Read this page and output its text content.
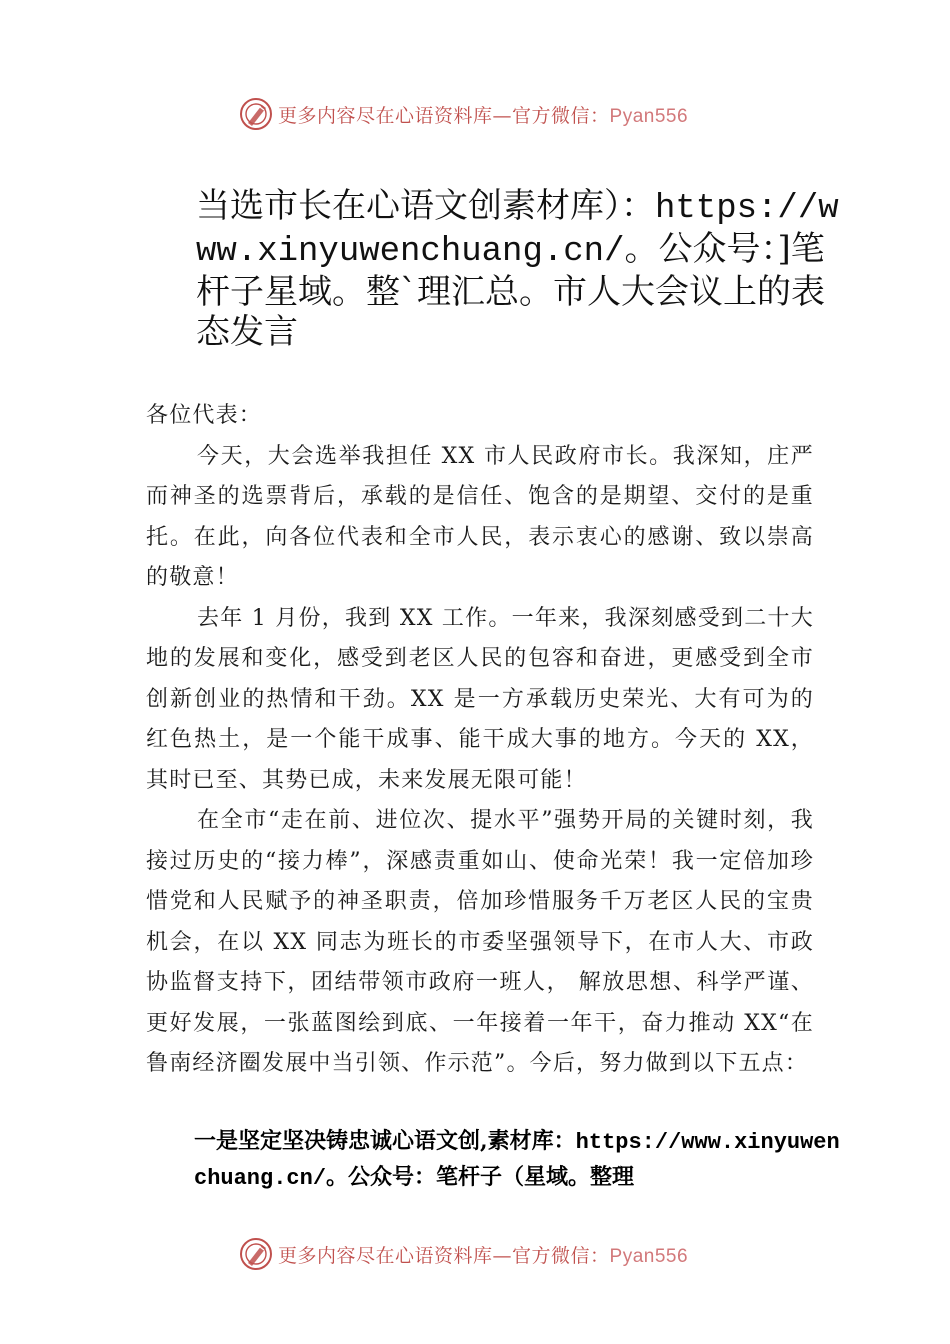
更多内容尽在心语资料库—官方微信：Pyan556
当选市长在心语文创素材库）：https://www.xinyuwenchuang.cn/。公众号：]笔杆子星域。整`理汇总。市人大会议上的表态发言

各位代表：

今天，大会选举我担任 XX 市人民政府市长。我深知，庄严而神圣的选票背后，承载的是信任、饱含的是期望、交付的是重托。在此，向各位代表和全市人民，表示衷心的感谢、致以崇高的敬意！

去年 1 月份，我到 XX 工作。一年来，我深刻感受到二十大地的发展和变化，感受到老区人民的包容和奋进，更感受到全市创新创业的热情和干劲。XX 是一方承载历史荣光、大有可为的红色热土，是一个能干成事、能干成大事的地方。今天的 XX，其时已至、其势已成，未来发展无限可能！

在全市“走在前、进位次、提水平”强势开局的关键时刻，我接过历史的“接力棒”，深感责重如山、使命光荣！我一定倍加珍惜党和人民赋予的神圣职责，倍加珍惜服务千万老区人民的宝贵机会，在以 XX 同志为班长的市委坚强领导下，在市人大、市政协监督支持下，团结带领市政府一班人， 解放思想、科学严谨、更好发展，一张蓝图绘到底、一年接着一年干，奋力推动 XX“在鲁南经济圈发展中当引领、作示范”。今后，努力做到以下五点：

一是坚定坚决铸忠诚心语文创,素材库：https://www.xinyuwenchuang.cn/。公众号：笔杆子（星域。整理
更多内容尽在心语资料库—官方微信：Pyan556
